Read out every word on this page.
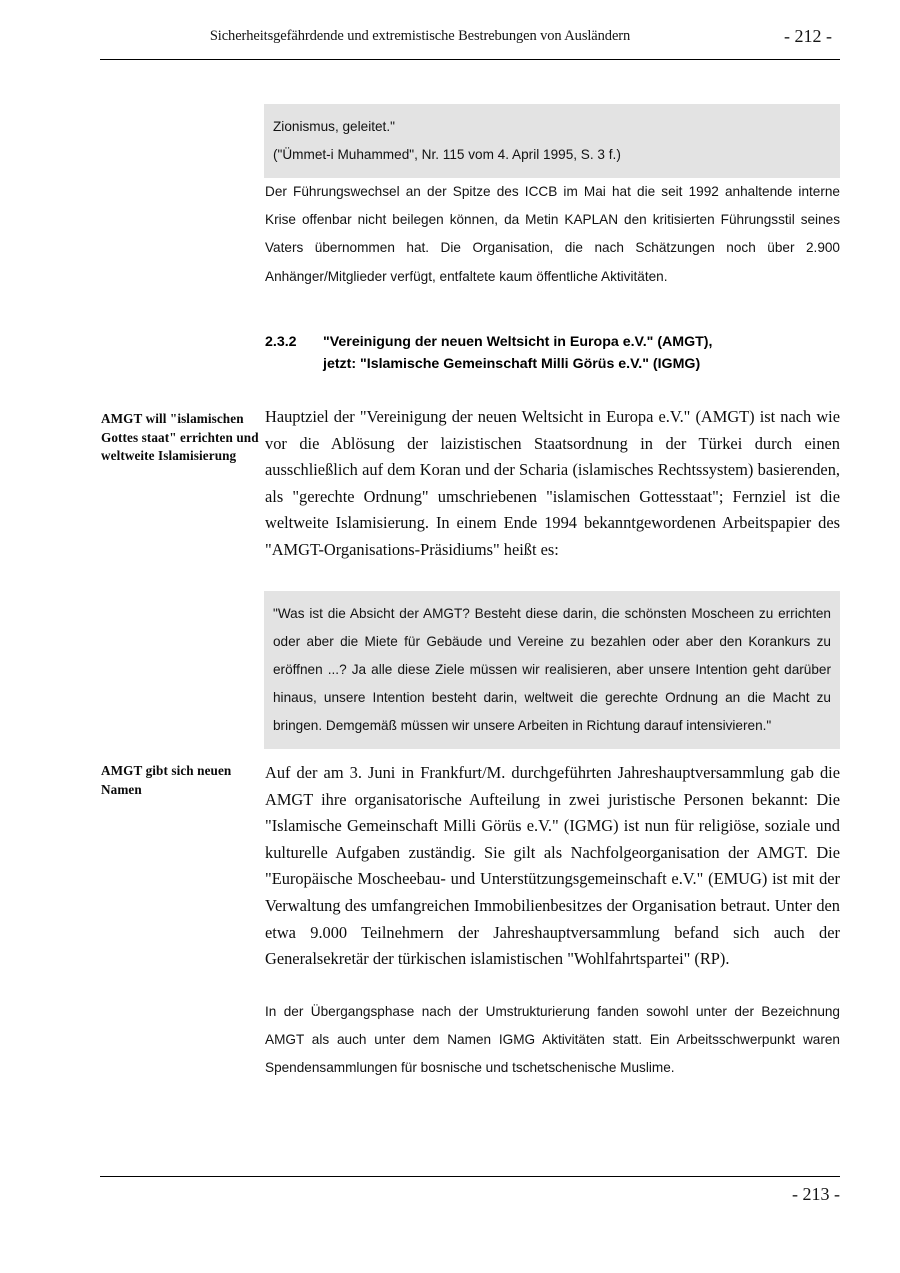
Sicherheitsgefährdende und extremistische Bestrebungen von Ausländern	- 212 -

Zionismus, geleitet."

("Ümmet-i Muhammed", Nr. 115 vom 4. April 1995, S. 3 f.)

Der Führungswechsel an der Spitze des ICCB im Mai hat die seit 1992 anhaltende interne Krise offenbar nicht beilegen können, da Metin KAPLAN den kritisierten Führungsstil seines Vaters übernommen hat. Die Organisation, die nach Schätzungen noch über 2.900 Anhänger/Mitglieder verfügt, entfaltete kaum öffentliche Aktivitäten.
2.3.2 "Vereinigung der neuen Weltsicht in Europa e.V." (AMGT),
jetzt: "Islamische Gemeinschaft Milli Görüs e.V." (IGMG)
AMGT will "islamischen Gottes staat" errichten und weltweite Islamisierung
Hauptziel der "Vereinigung der neuen Weltsicht in Europa e.V." (AMGT) ist nach wie vor die Ablösung der laizistischen Staatsordnung in der Türkei durch einen ausschließlich auf dem Koran und der Scharia (islamisches Rechtssystem) basierenden, als "gerechte Ordnung" umschriebenen "islamischen Gottesstaat"; Fernziel ist die weltweite Islamisierung. In einem Ende 1994 bekanntgewordenen Arbeitspapier des "AMGT-Organisations-Präsidiums" heißt es:

"Was ist die Absicht der AMGT? Besteht diese darin, die schönsten Moscheen zu errichten oder aber die Miete für Gebäude und Vereine zu bezahlen oder aber den Korankurs zu eröffnen ...? Ja alle diese Ziele müssen wir realisieren, aber unsere Intention geht darüber hinaus, unsere Intention besteht darin, weltweit die gerechte Ordnung an die Macht zu bringen. Demgemäß müssen wir unsere Arbeiten in Richtung darauf intensivieren."

AMGT gibt sich neuen Namen
Auf der am 3. Juni in Frankfurt/M. durchgeführten Jahreshauptversammlung gab die AMGT ihre organisatorische Aufteilung in zwei juristische Personen bekannt: Die "Islamische Gemeinschaft Milli Görüs e.V." (IGMG) ist nun für religiöse, soziale und kulturelle Aufgaben zuständig. Sie gilt als Nachfolgeorganisation der AMGT. Die "Europäische Moscheebau- und Unterstützungsgemeinschaft e.V." (EMUG) ist mit der Verwaltung des umfangreichen Immobilienbesitzes der Organisation betraut. Unter den etwa 9.000 Teilnehmern der Jahreshauptversammlung befand sich auch der Generalsekretär der türkischen islamistischen "Wohlfahrtspartei" (RP).
In der Übergangsphase nach der Umstrukturierung fanden sowohl unter der Bezeichnung AMGT als auch unter dem Namen IGMG Aktivitäten statt. Ein Arbeitsschwerpunkt waren Spendensammlungen für bosnische und tschetschenische Muslime.
- 213 -
